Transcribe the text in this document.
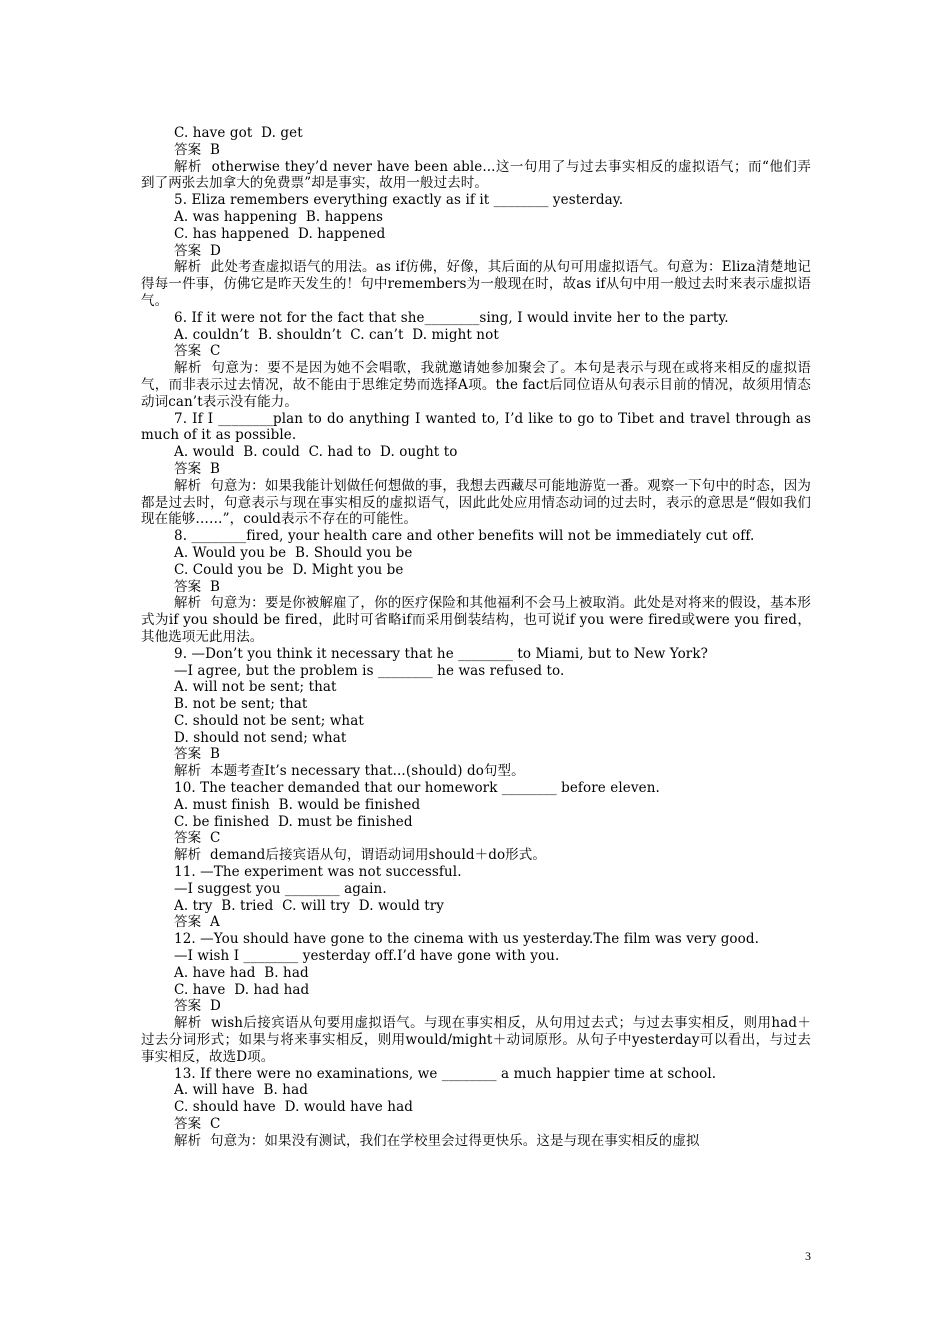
C. have got  D. get
答案  B
解析  otherwise they’d never have been able...这一句用了与过去事实相反的虚拟语气；而“他们弄到了两张去加拿大的免费票”却是事实，故用一般过去时。
5. Eliza remembers everything exactly as if it ________ yesterday.
A. was happening  B. happens
C. has happened  D. happened
答案  D
解析  此处考查虚拟语气的用法。as if仿佛，好像，其后面的从句可用虚拟语气。句意为：Eliza清楚地记得每一件事，仿佛它是昨天发生的！句中remembers为一般现在时，故as if从句中用一般过去时来表示虚拟语气。
6. If it were not for the fact that she________sing, I would invite her to the party.
A. couldn’t  B. shouldn’t  C. can’t  D. might not
答案  C
解析  句意为：要不是因为她不会唱歌，我就邀请她参加聚会了。本句是表示与现在或将来相反的虚拟语气，而非表示过去情况，故不能由于思维定势而选择A项。the fact后同位语从句表示目前的情况，故须用情态动词can’t表示没有能力。
7. If I ________plan to do anything I wanted to, I’d like to go to Tibet and travel through as much of it as possible.
A. would  B. could  C. had to  D. ought to
答案  B
解析  句意为：如果我能计划做任何想做的事，我想去西藏尽可能地游览一番。观察一下句中的时态，因为都是过去时，句意表示与现在事实相反的虚拟语气，因此此处应用情态动词的过去时，表示的意思是“假如我们现在能够……”，could表示不存在的可能性。
8. ________fired, your health care and other benefits will not be immediately cut off.
A. Would you be  B. Should you be
C. Could you be  D. Might you be
答案  B
解析  句意为：要是你被解雇了，你的医疗保险和其他福利不会马上被取消。此处是对将来的假设，基本形式为if you should be fired，此时可省略if而采用倒装结构，也可说if you were fired或were you fired，其他选项无此用法。
9. —Don’t you think it necessary that he ________ to Miami, but to New York?
—I agree, but the problem is ________ he was refused to.
A. will not be sent; that
B. not be sent; that
C. should not be sent; what
D. should not send; what
答案  B
解析  本题考查It’s necessary that...(should) do句型。
10. The teacher demanded that our homework ________ before eleven.
A. must finish  B. would be finished
C. be finished  D. must be finished
答案  C
解析  demand后接宾语从句，谓语动词用should＋do形式。
11. —The experiment was not successful.
—I suggest you ________ again.
A. try  B. tried  C. will try  D. would try
答案  A
12. —You should have gone to the cinema with us yesterday.The film was very good.
—I wish I ________ yesterday off.I’d have gone with you.
A. have had  B. had
C. have  D. had had
答案  D
解析  wish后接宾语从句要用虚拟语气。与现在事实相反，从句用过去式；与过去事实相反，则用had＋过去分词形式；如果与将来事实相反，则用would/might＋动词原形。从句子中yesterday可以看出，与过去事实相反，故选D项。
13. If there were no examinations, we ________ a much happier time at school.
A. will have  B. had
C. should have  D. would have had
答案  C
解析  句意为：如果没有测试，我们在学校里会过得更快乐。这是与现在事实相反的虚拟
3
